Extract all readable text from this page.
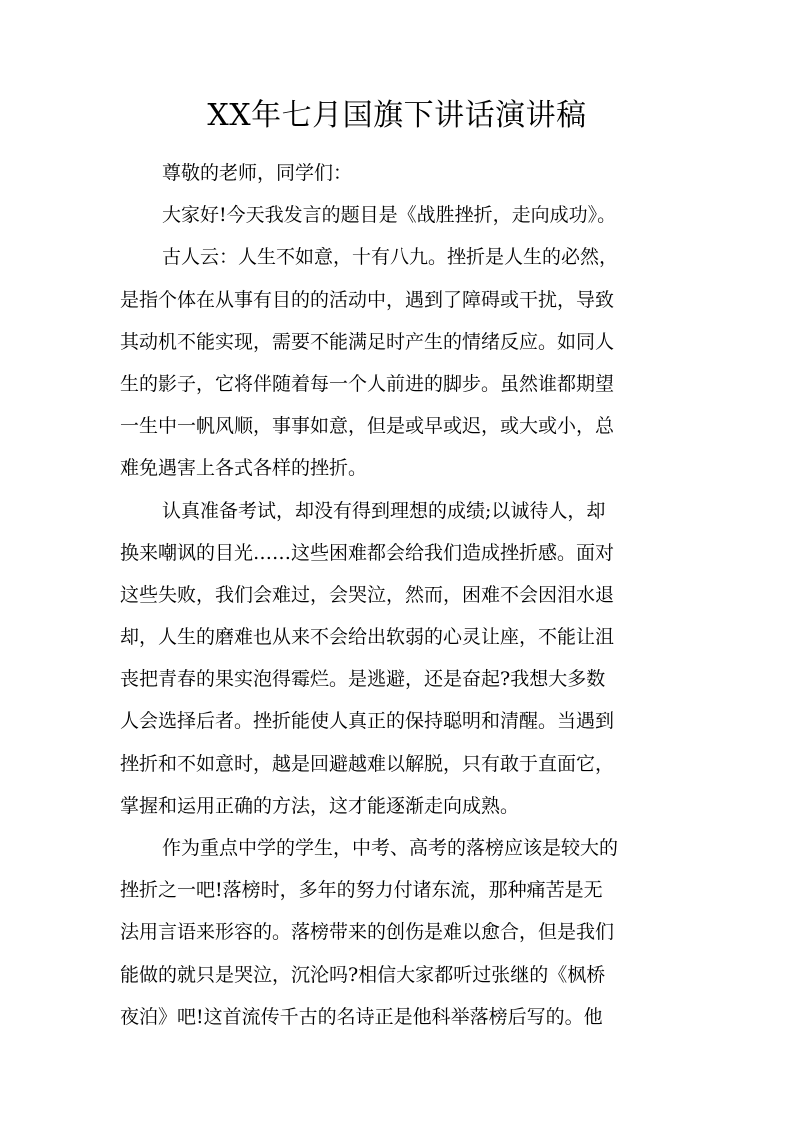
XX年七月国旗下讲话演讲稿
尊敬的老师，同学们：
大家好!今天我发言的题目是《战胜挫折，走向成功》。
古人云：人生不如意，十有八九。挫折是人生的必然，
是指个体在从事有目的的活动中，遇到了障碍或干扰，导致
其动机不能实现，需要不能满足时产生的情绪反应。如同人
生的影子，它将伴随着每一个人前进的脚步。虽然谁都期望
一生中一帆风顺，事事如意，但是或早或迟，或大或小，总
难免遇害上各式各样的挫折。
认真准备考试，却没有得到理想的成绩;以诚待人，却
换来嘲讽的目光……这些困难都会给我们造成挫折感。面对
这些失败，我们会难过，会哭泣，然而，困难不会因泪水退
却，人生的磨难也从来不会给出软弱的心灵让座，不能让沮
丧把青春的果实泡得霉烂。是逃避，还是奋起?我想大多数
人会选择后者。挫折能使人真正的保持聪明和清醒。当遇到
挫折和不如意时，越是回避越难以解脱，只有敢于直面它，
掌握和运用正确的方法，这才能逐渐走向成熟。
作为重点中学的学生，中考、高考的落榜应该是较大的
挫折之一吧!落榜时，多年的努力付诸东流，那种痛苦是无
法用言语来形容的。落榜带来的创伤是难以愈合，但是我们
能做的就只是哭泣，沉沦吗?相信大家都听过张继的《枫桥
夜泊》吧!这首流传千古的名诗正是他科举落榜后写的。他
